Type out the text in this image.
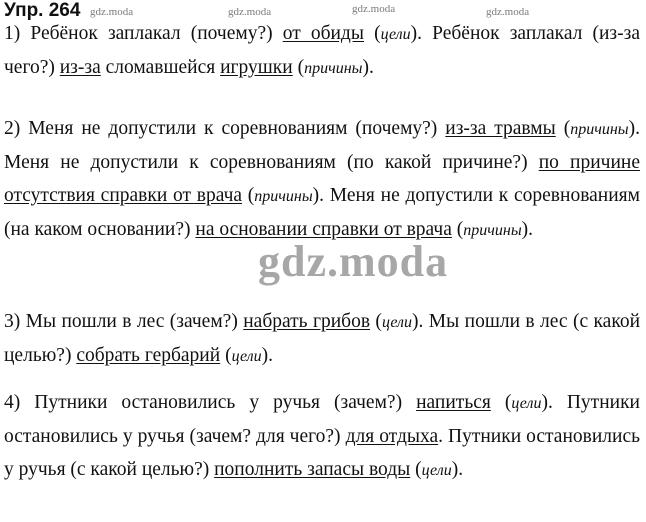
Упр. 264

1) Ребёнок заплакал (почему?) от обиды (цели). Ребёнок заплакал (из-за чего?) из-за сломавшейся игрушки (причины).

2) Меня не допустили к соревнованиям (почему?) из-за травмы (причины). Меня не допустили к соревнованиям (по какой причине?) по причине отсутствия справки от врача (причины). Меня не допустили к соревнованиям (на каком основании?) на основании справки от врача (причины).

3) Мы пошли в лес (зачем?) набрать грибов (цели). Мы пошли в лес (с какой целью?) собрать гербарий (цели).

4) Путники остановились у ручья (зачем?) напиться (цели). Путники остановились у ручья (зачем? для чего?) для отдыха. Путники остановились у ручья (с какой целью?) пополнить запасы воды (цели).

gdz.moda	gdz.moda	gdz.moda	gdz.moda
gdz.moda
